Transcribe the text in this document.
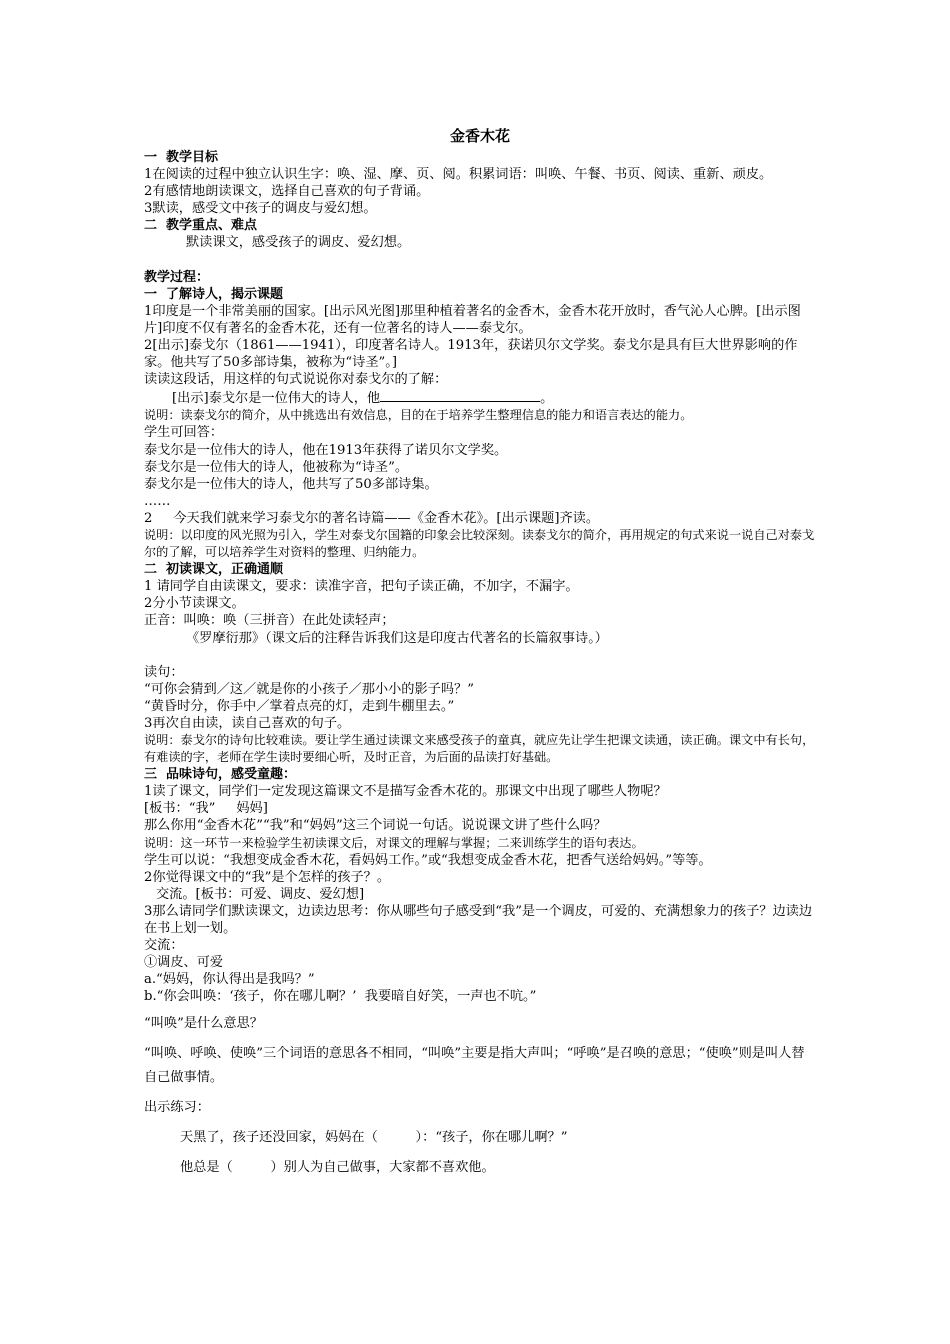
金香木花
一  教学目标
1在阅读的过程中独立认识生字：唤、湿、摩、页、阅。积累词语：叫唤、午餐、书页、阅读、重新、顽皮。
2有感情地朗读课文，选择自己喜欢的句子背诵。
3默读，感受文中孩子的调皮与爱幻想。
二  教学重点、难点
默读课文，感受孩子的调皮、爱幻想。
教学过程：
一  了解诗人，揭示课题
1印度是一个非常美丽的国家。[出示风光图]那里种植着著名的金香木，金香木花开放时，香气沁人心脾。[出示图片]印度不仅有著名的金香木花，还有一位著名的诗人——泰戈尔。
2[出示]泰戈尔（1861——1941），印度著名诗人。1913年，获诺贝尔文学奖。泰戈尔是具有巨大世界影响的作家。他共写了50多部诗集，被称为“诗圣”。]
读读这段话，用这样的句式说说你对泰戈尔的了解：
[出示]泰戈尔是一位伟大的诗人，他	。
说明：读泰戈尔的简介，从中挑选出有效信息，目的在于培养学生整理信息的能力和语言表达的能力。
学生可回答：
泰戈尔是一位伟大的诗人，他在1913年获得了诺贝尔文学奖。
泰戈尔是一位伟大的诗人，他被称为“诗圣”。
泰戈尔是一位伟大的诗人，他共写了50多部诗集。
……
2     今天我们就来学习泰戈尔的著名诗篇——《金香木花》。[出示课题]齐读。
说明：以印度的风光照为引入，学生对泰戈尔国籍的印象会比较深刻。读泰戈尔的简介，再用规定的句式来说一说自己对泰戈尔的了解，可以培养学生对资料的整理、归纳能力。
二  初读课文，正确通顺
1 请同学自由读课文，要求：读准字音，把句子读正确，不加字，不漏字。
2分小节读课文。
正音：叫唤：唤（三拼音）在此处读轻声；
《罗摩衍那》（课文后的注释告诉我们这是印度古代著名的长篇叙事诗。）
读句：
“可你会猜到／这／就是你的小孩子／那小小的影子吗？”
“黄昏时分，你手中／掌着点亮的灯，走到牛棚里去。”
3再次自由读，读自己喜欢的句子。
说明：泰戈尔的诗句比较难读。要让学生通过读课文来感受孩子的童真，就应先让学生把课文读通，读正确。课文中有长句，有难读的字，老师在学生读时要细心听，及时正音，为后面的品读打好基础。
三  品味诗句，感受童趣：
1读了课文，同学们一定发现这篇课文不是描写金香木花的。那课文中出现了哪些人物呢？
[板书：“我”     妈妈]
那么你用“金香木花”“我”和“妈妈”这三个词说一句话。说说课文讲了些什么吗？
说明：这一环节一来检验学生初读课文后，对课文的理解与掌握；二来训练学生的语句表达。
学生可以说：“我想变成金香木花，看妈妈工作。”或“我想变成金香木花，把香气送给妈妈。”等等。
2你觉得课文中的“我”是个怎样的孩子？。
交流。[板书：可爱、调皮、爱幻想]
3那么请同学们默读课文，边读边思考：你从哪些句子感受到“我”是一个调皮，可爱的、充满想象力的孩子？边读边在书上划一划。
交流：
①调皮、可爱
a.“妈妈，你认得出是我吗？”
b.“你会叫唤：‘孩子，你在哪儿啊？’  我要暗自好笑，一声也不吭。”
“叫唤”是什么意思？
“叫唤、呼唤、使唤”三个词语的意思各不相同，“叫唤”主要是指大声叫；“呼唤”是召唤的意思；“使唤”则是叫人替自己做事情。
出示练习：
天黑了，孩子还没回家，妈妈在（         ）：“孩子，你在哪儿啊？”
他总是（         ）别人为自己做事，大家都不喜欢他。
